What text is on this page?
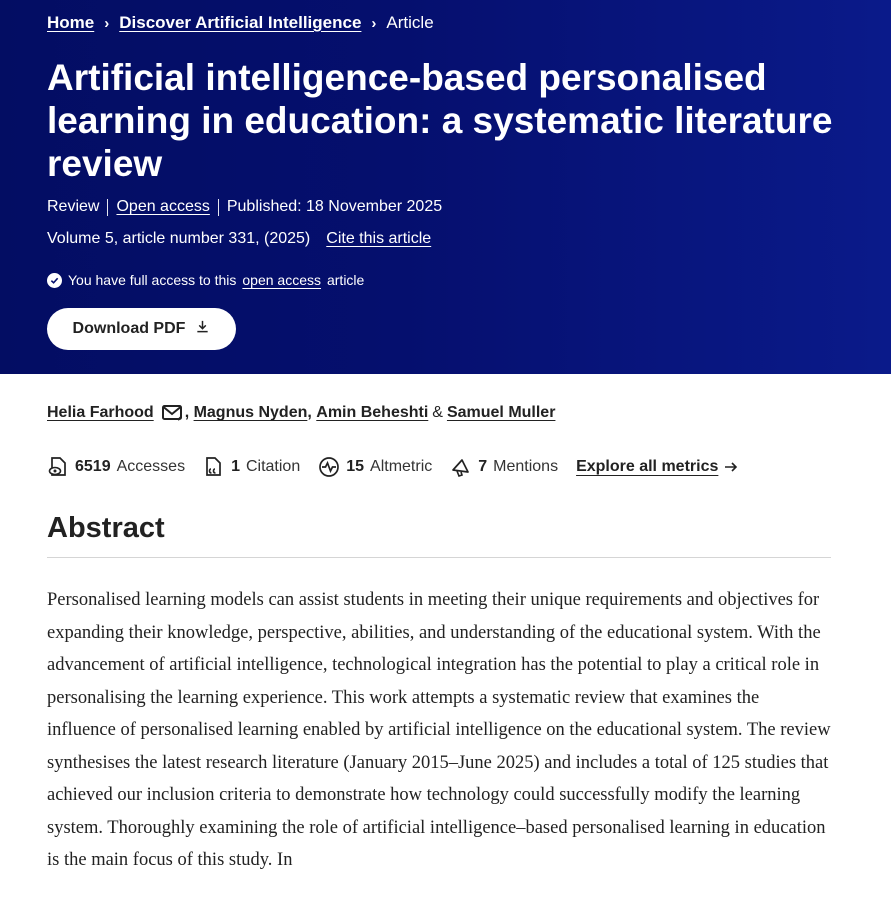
Home › Discover Artificial Intelligence › Article
Artificial intelligence-based personalised learning in education: a systematic literature review
Review Open access Published: 18 November 2025
Volume 5, article number 331, (2025) Cite this article
You have full access to this open access article
Download PDF
Helia Farhood , Magnus Nyden , Amin Beheshti & Samuel Muller
6519 Accesses	1 Citation	15 Altmetric	7 Mentions Explore all metrics
Abstract

Personalised learning models can assist students in meeting their unique requirements and objectives for expanding their knowledge, perspective, abilities, and understanding of the educational system. With the advancement of artificial intelligence, technological integration has the potential to play a critical role in personalising the learning experience. This work attempts a systematic review that examines the influence of personalised learning enabled by artificial intelligence on the educational system. The review synthesises the latest research literature (January 2015–June 2025) and includes a total of 125 studies that achieved our inclusion criteria to demonstrate how technology could successfully modify the learning system. Thoroughly examining the role of artificial intelligence–based personalised learning in education is the main focus of this study. In
